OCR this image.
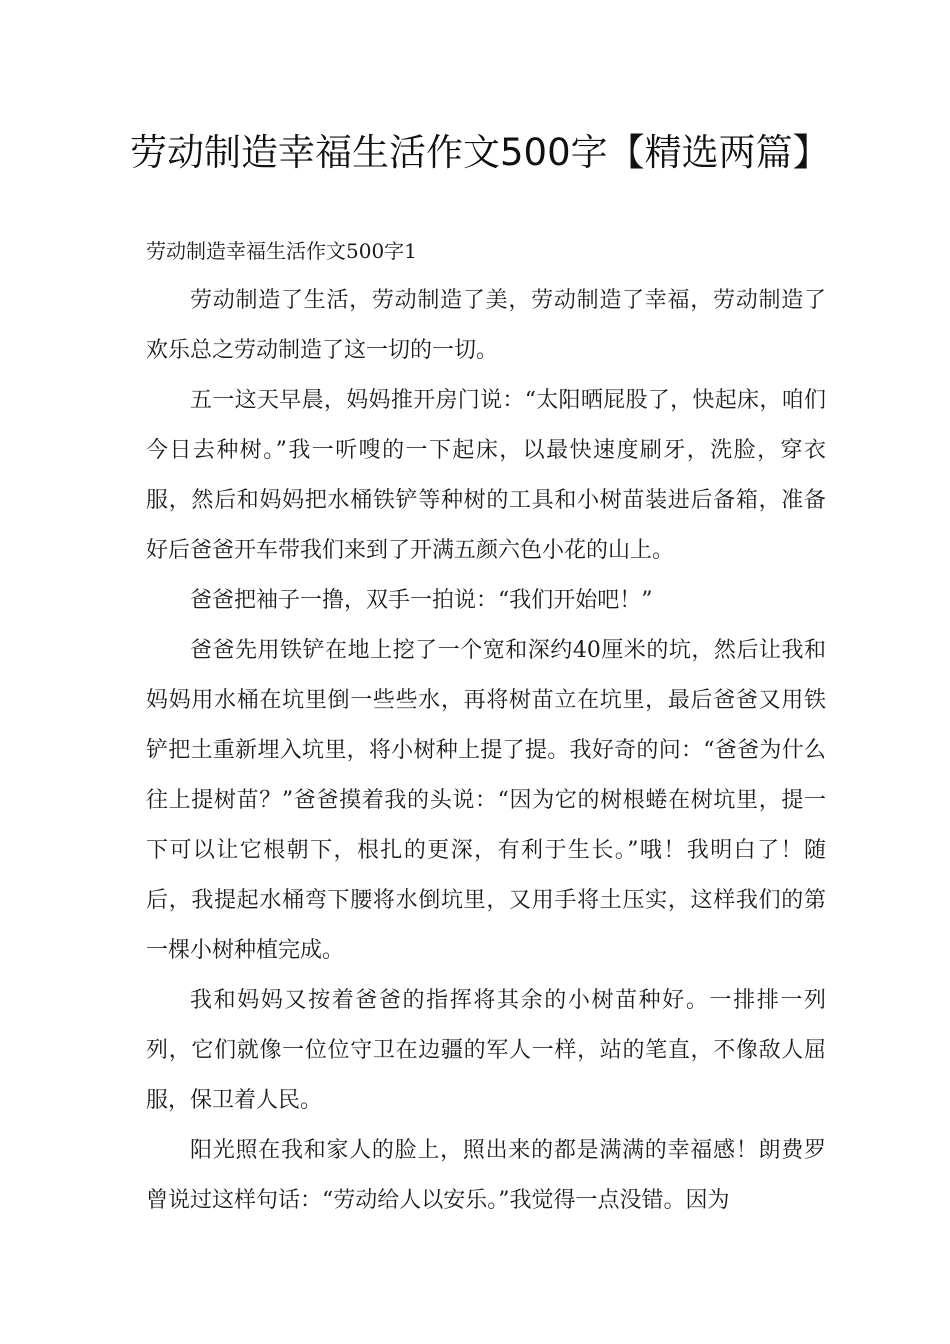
劳动制造幸福生活作文500字【精选两篇】

劳动制造幸福生活作文500字1

劳动制造了生活，劳动制造了美，劳动制造了幸福，劳动制造了欢乐总之劳动制造了这一切的一切。

五一这天早晨，妈妈推开房门说：“太阳晒屁股了，快起床，咱们今日去种树。”我一听嗖的一下起床，以最快速度刷牙，洗脸，穿衣服，然后和妈妈把水桶铁铲等种树的工具和小树苗装进后备箱，准备好后爸爸开车带我们来到了开满五颜六色小花的山上。

爸爸把袖子一撸，双手一拍说：“我们开始吧！”

爸爸先用铁铲在地上挖了一个宽和深约40厘米的坑，然后让我和妈妈用水桶在坑里倒一些些水，再将树苗立在坑里，最后爸爸又用铁铲把土重新埋入坑里，将小树种上提了提。我好奇的问：“爸爸为什么往上提树苗？”爸爸摸着我的头说：“因为它的树根蜷在树坑里，提一下可以让它根朝下，根扎的更深，有利于生长。”哦！我明白了！随后，我提起水桶弯下腰将水倒坑里，又用手将土压实，这样我们的第一棵小树种植完成。

我和妈妈又按着爸爸的指挥将其余的小树苗种好。一排排一列列，它们就像一位位守卫在边疆的军人一样，站的笔直，不像敌人屈服，保卫着人民。

阳光照在我和家人的脸上，照出来的都是满满的幸福感！朗费罗曾说过这样句话：“劳动给人以安乐。”我觉得一点没错。因为
